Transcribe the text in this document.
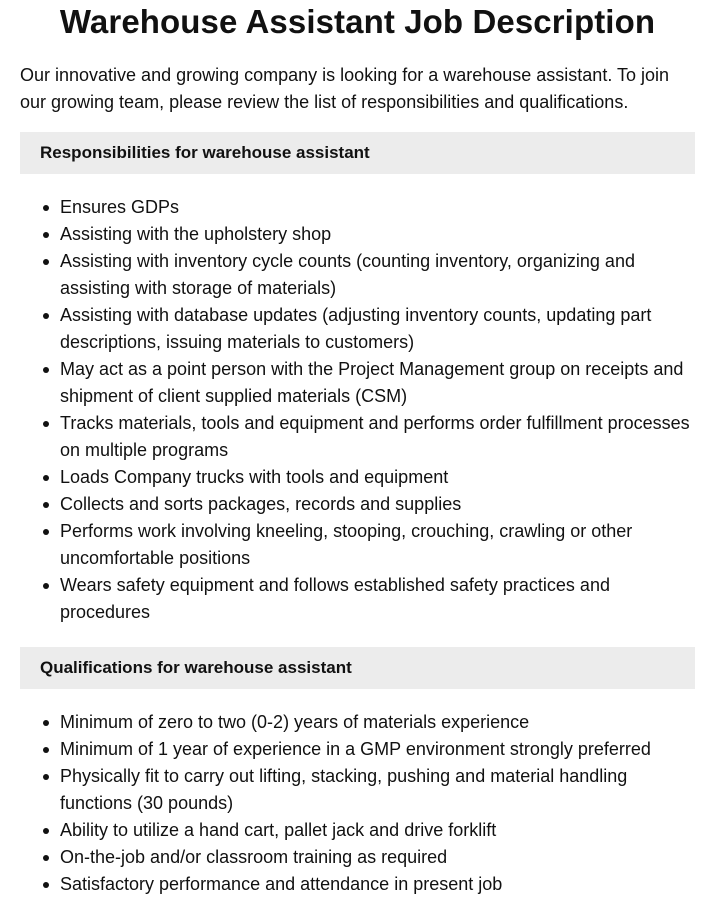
Warehouse Assistant Job Description

Our innovative and growing company is looking for a warehouse assistant. To join our growing team, please review the list of responsibilities and qualifications.

Responsibilities for warehouse assistant
Ensures GDPs
Assisting with the upholstery shop
Assisting with inventory cycle counts (counting inventory, organizing and assisting with storage of materials)
Assisting with database updates (adjusting inventory counts, updating part descriptions, issuing materials to customers)
May act as a point person with the Project Management group on receipts and shipment of client supplied materials (CSM)
Tracks materials, tools and equipment and performs order fulfillment processes on multiple programs
Loads Company trucks with tools and equipment
Collects and sorts packages, records and supplies
Performs work involving kneeling, stooping, crouching, crawling or other uncomfortable positions
Wears safety equipment and follows established safety practices and procedures
Qualifications for warehouse assistant
Minimum of zero to two (0-2) years of materials experience
Minimum of 1 year of experience in a GMP environment strongly preferred
Physically fit to carry out lifting, stacking, pushing and material handling functions (30 pounds)
Ability to utilize a hand cart, pallet jack and drive forklift
On-the-job and/or classroom training as required
Satisfactory performance and attendance in present job
